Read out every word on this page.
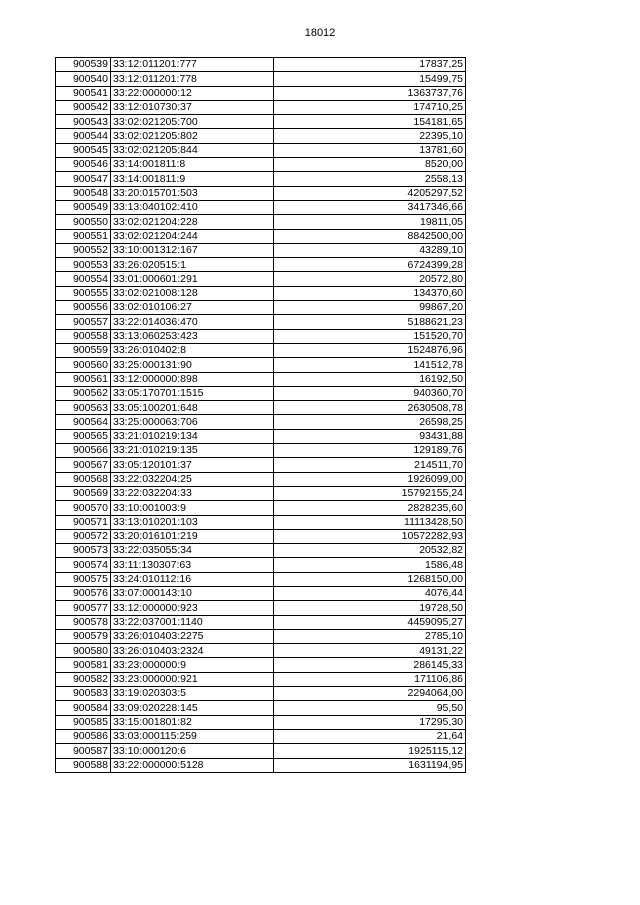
18012
900539	33:12:011201:777	17837,25
900540	33:12:011201:778	15499,75
900541	33:22:000000:12	1363737,76
900542	33:12:010730:37	174710,25
900543	33:02:021205:700	154181,65
900544	33:02:021205:802	22395,10
900545	33:02:021205:844	13781,60
900546	33:14:001811:8	8520,00
900547	33:14:001811:9	2558,13
900548	33:20:015701:503	4205297,52
900549	33:13:040102:410	3417346,66
900550	33:02:021204:228	19811,05
900551	33:02:021204:244	8842500,00
900552	33:10:001312:167	43289,10
900553	33:26:020515:1	6724399,28
900554	33:01:000601:291	20572,80
900555	33:02:021008:128	134370,60
900556	33:02:010106:27	99867,20
900557	33:22:014036:470	5188621,23
900558	33:13:060253:423	151520,70
900559	33:26:010402:8	1524876,96
900560	33:25:000131:90	141512,78
900561	33:12:000000:898	16192,50
900562	33:05:170701:1515	940360,70
900563	33:05:100201:648	2630508,78
900564	33:25:000063:706	26598,25
900565	33:21:010219:134	93431,88
900566	33:21:010219:135	129189,76
900567	33:05:120101:37	214511,70
900568	33:22:032204:25	1926099,00
900569	33:22:032204:33	15792155,24
900570	33:10:001003:9	2828235,60
900571	33:13:010201:103	11113428,50
900572	33:20:016101:219	10572282,93
900573	33:22:035055:34	20532,82
900574	33:11:130307:63	1586,48
900575	33:24:010112:16	1268150,00
900576	33:07:000143:10	4076,44
900577	33:12:000000:923	19728,50
900578	33:22:037001:1140	4459095,27
900579	33:26:010403:2275	2785,10
900580	33:26:010403:2324	49131,22
900581	33:23:000000:9	286145,33
900582	33:23:000000:921	171106,86
900583	33:19:020303:5	2294064,00
900584	33:09:020228:145	95,50
900585	33:15:001801:82	17295,30
900586	33:03:000115:259	21,64
900587	33:10:000120:6	1925115,12
900588	33:22:000000:5128	1631194,95
